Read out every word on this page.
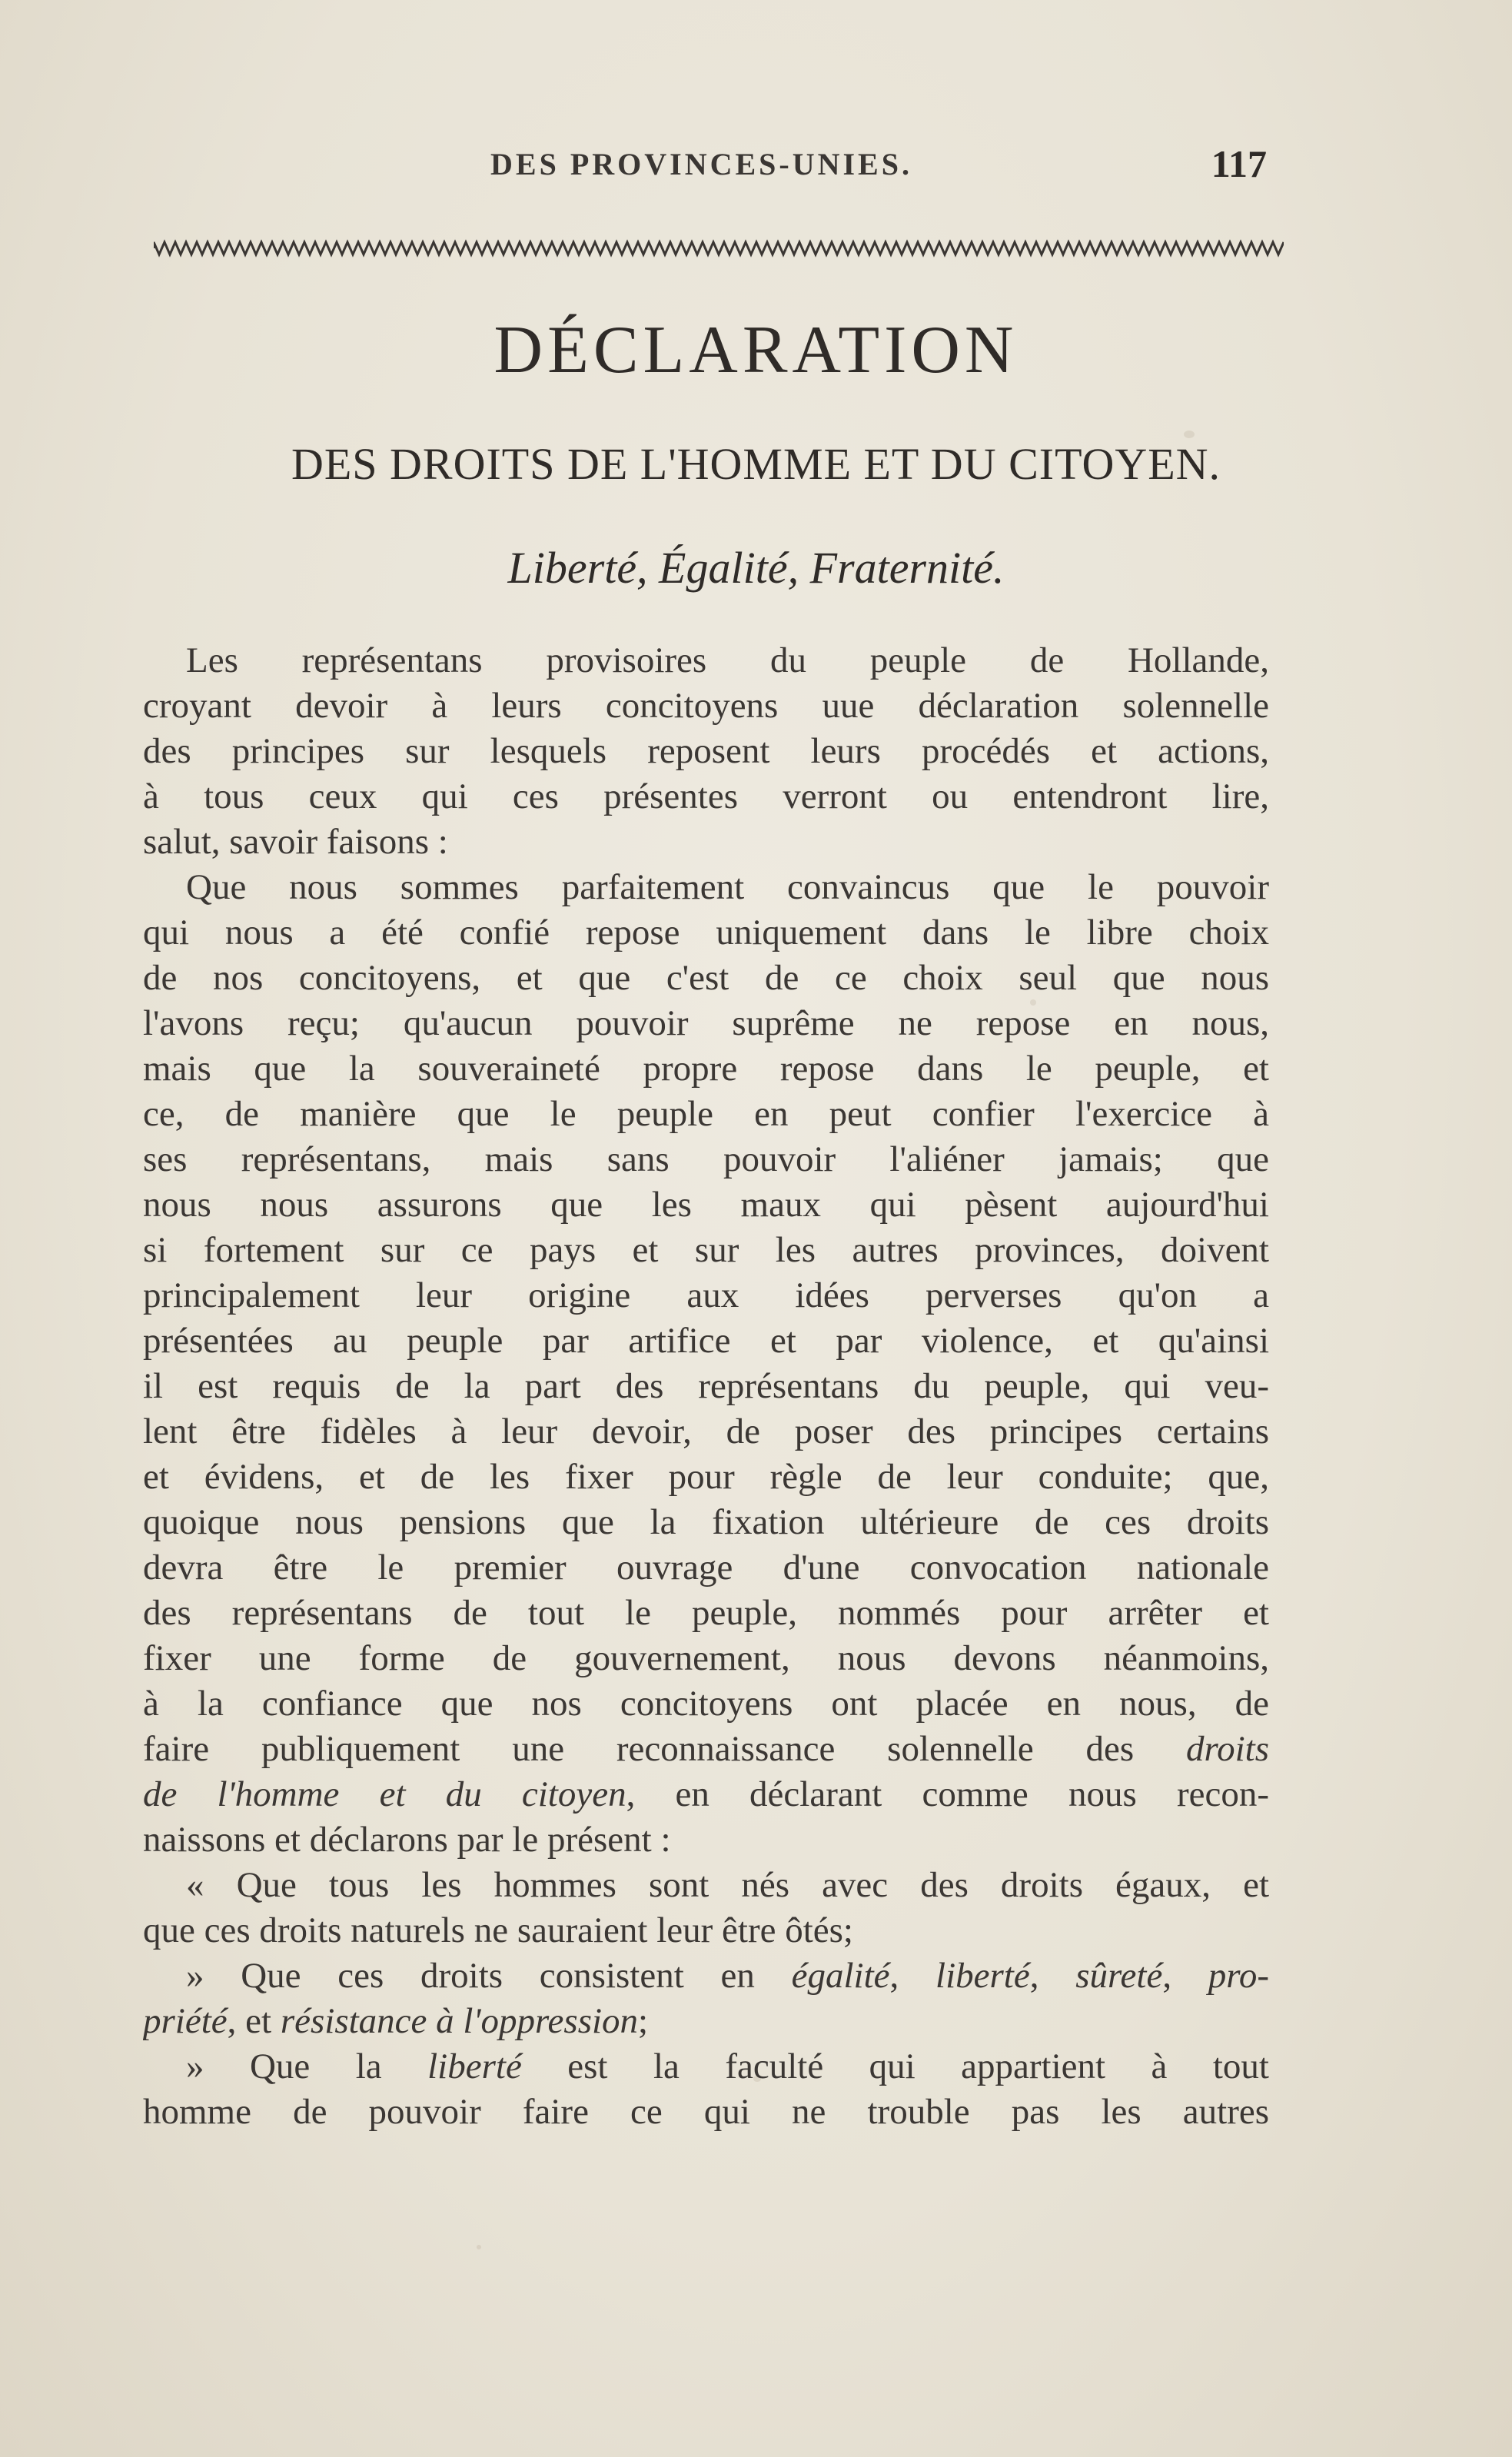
DES PROVINCES-UNIES.	117
DÉCLARATION
DES DROITS DE L'HOMME ET DU CITOYEN.
Liberté, Égalité, Fraternité.
Les représentans provisoires du peuple de Hollande,
croyant devoir à leurs concitoyens uue déclaration solennelle
des principes sur lesquels reposent leurs procédés et actions,
à tous ceux qui ces présentes verront ou entendront lire,
salut, savoir faisons :
Que nous sommes parfaitement convaincus que le pouvoir
qui nous a été confié repose uniquement dans le libre choix
de nos concitoyens, et que c'est de ce choix seul que nous
l'avons reçu; qu'aucun pouvoir suprême ne repose en nous,
mais que la souveraineté propre repose dans le peuple, et
ce, de manière que le peuple en peut confier l'exercice à
ses représentans, mais sans pouvoir l'aliéner jamais; que
nous nous assurons que les maux qui pèsent aujourd'hui
si fortement sur ce pays et sur les autres provinces, doivent
principalement leur origine aux idées perverses qu'on a
présentées au peuple par artifice et par violence, et qu'ainsi
il est requis de la part des représentans du peuple, qui veu-
lent être fidèles à leur devoir, de poser des principes certains
et évidens, et de les fixer pour règle de leur conduite; que,
quoique nous pensions que la fixation ultérieure de ces droits
devra être le premier ouvrage d'une convocation nationale
des représentans de tout le peuple, nommés pour arrêter et
fixer une forme de gouvernement, nous devons néanmoins,
à la confiance que nos concitoyens ont placée en nous, de
faire publiquement une reconnaissance solennelle des droits
de l'homme et du citoyen, en déclarant comme nous recon-
naissons et déclarons par le présent :
« Que tous les hommes sont nés avec des droits égaux, et
que ces droits naturels ne sauraient leur être ôtés;
» Que ces droits consistent en égalité, liberté, sûreté, pro-
priété, et résistance à l'oppression;
» Que la liberté est la faculté qui appartient à tout
homme de pouvoir faire ce qui ne trouble pas les autres
